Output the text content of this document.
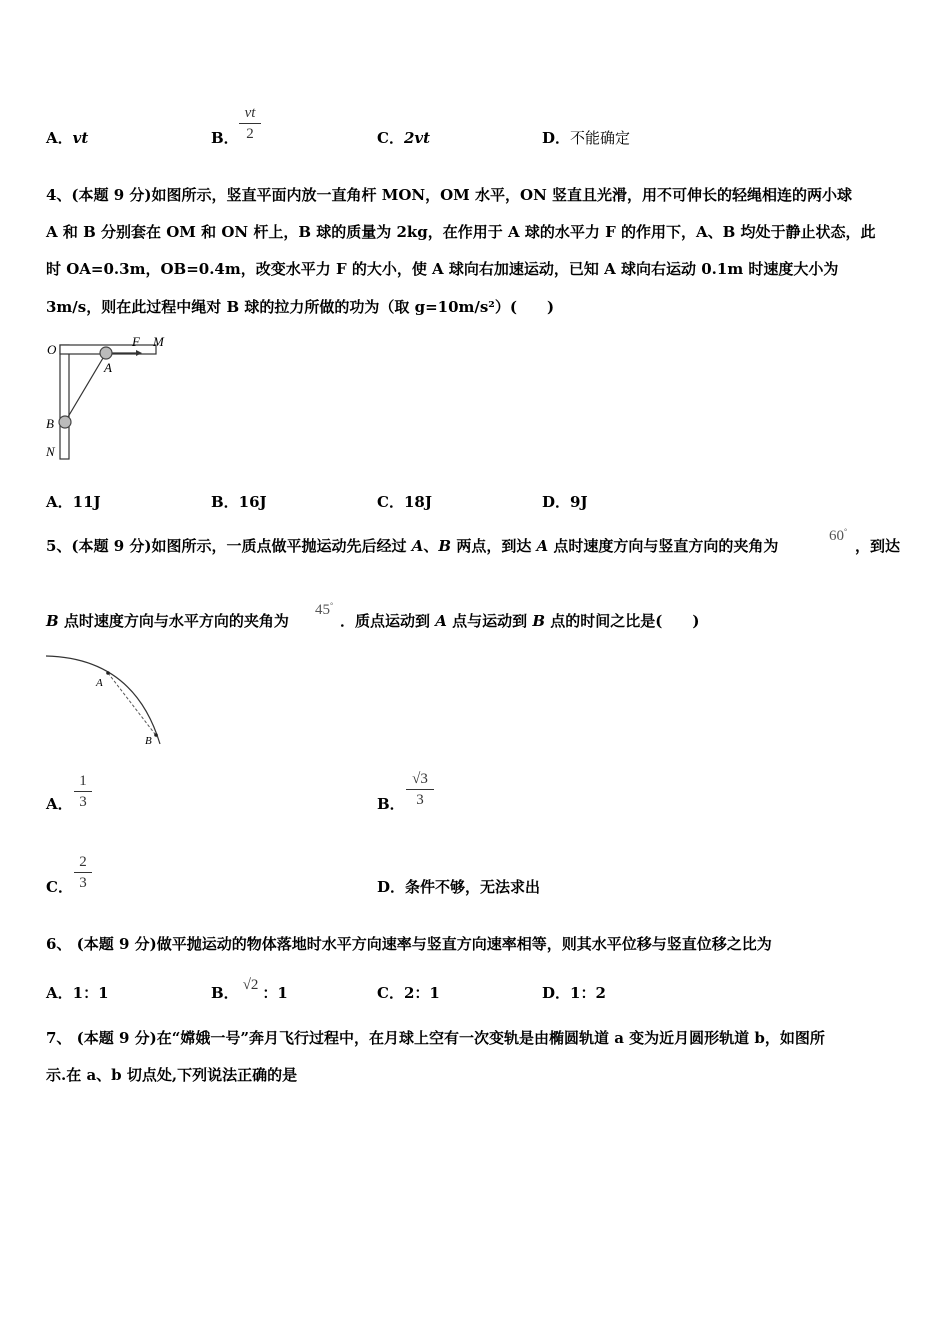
A．vt	B．
vt
2	C．2vt	D．不能确定
4、(本题 9 分)如图所示，竖直平面内放一直角杆 MON，OM 水平，ON 竖直且光滑，用不可伸长的轻绳相连的两小球
A 和 B 分别套在 OM 和 ON 杆上，B 球的质量为 2kg，在作用于 A 球的水平力 F 的作用下，A、B 均处于静止状态，此
时 OA=0.3m，OB=0.4m，改变水平力 F 的大小，使 A 球向右加速运动，已知 A 球向右运动 0.1m 时速度大小为
3m/s，则在此过程中绳对 B 球的拉力所做的功为（取 g=10m/s²）(　　)
O
F M
A
B
N
A．11J	B．16J	C．18J	D．9J
5、(本题 9 分)如图所示，一质点做平抛运动先后经过 A、B 两点，到达 A 点时速度方向与竖直方向的夹角为
60°
，到达
B 点时速度方向与水平方向的夹角为
45°
．质点运动到 A 点与运动到 B 点的时间之比是(　　)
A
B
A．
1
3	B．
√3
3
C．
2
3	D．条件不够，无法求出
6、 (本题 9 分)做平抛运动的物体落地时水平方向速率与竖直方向速率相等，则其水平位移与竖直位移之比为
A．1：1	B． √2 ：1	C．2：1	D．1：2
7、 (本题 9 分)在“嫦娥一号”奔月飞行过程中，在月球上空有一次变轨是由椭圆轨道 a 变为近月圆形轨道 b，如图所
示.在 a、b 切点处,下列说法正确的是
